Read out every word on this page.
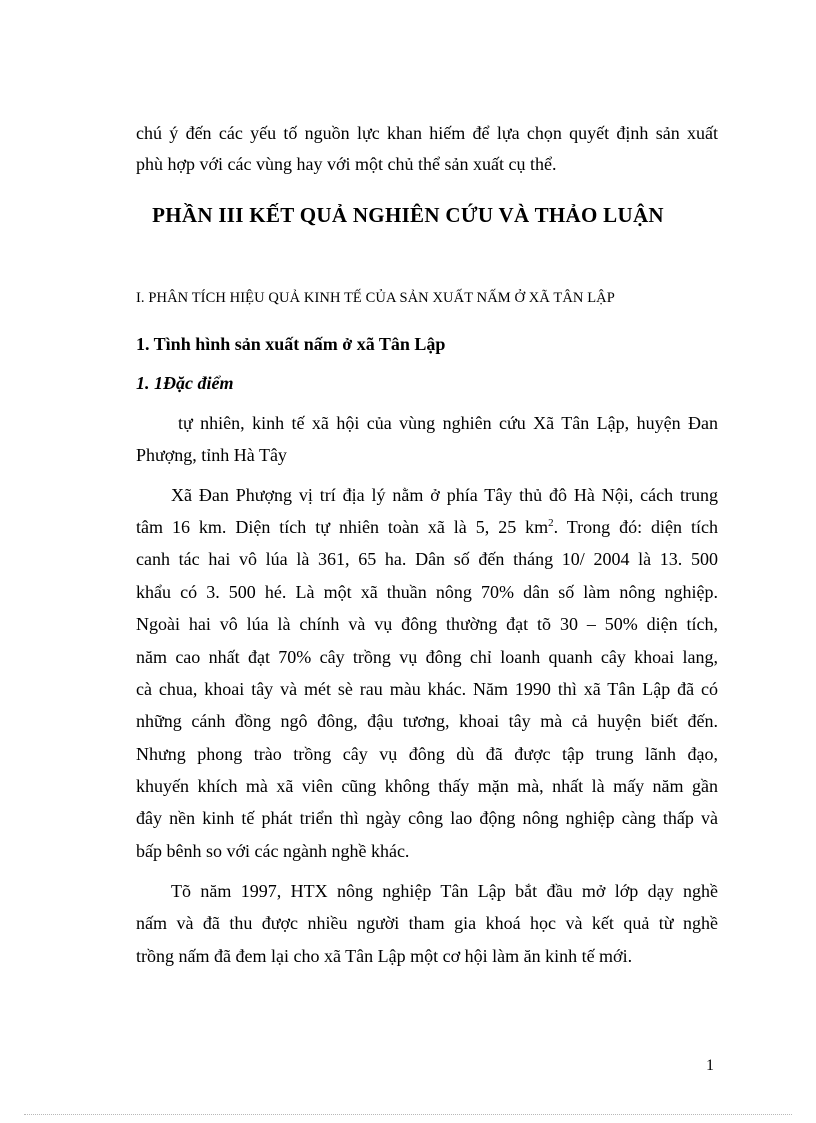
chú ý đến các yếu tố nguồn lực khan hiếm để lựa chọn quyết định sản xuất
phù hợp với các vùng hay với một chủ thể sản xuất cụ thể.
PHẦN III KẾT QUẢ NGHIÊN CỨU VÀ THẢO LUẬN
I. PHÂN TÍCH HIỆU QUẢ KINH TẾ CỦA SẢN XUẤT NẤM Ở XÃ TÂN LẬP
1. Tình hình sản xuất nấm ở xã Tân Lập
1. 1Đặc điểm
tự nhiên, kinh tế xã hội của vùng nghiên cứu Xã Tân Lập, huyện Đan
Phượng, tỉnh Hà Tây
Xã Đan Phượng vị trí địa lý nằm ở phía Tây thủ đô Hà Nội, cách trung
tâm 16 km. Diện tích tự nhiên toàn xã là 5, 25 $km^2$. Trong đó: diện tích
canh tác hai vô lúa là 361, 65 ha. Dân số đến tháng 10/ 2004 là 13. 500
khẩu có 3. 500 hé. Là một xã thuần nông 70% dân số làm nông nghiệp.
Ngoài hai vô lúa là chính và vụ đông thường đạt tõ 30 – 50% diện tích,
năm cao nhất đạt 70% cây trồng vụ đông chỉ loanh quanh cây khoai lang,
cà chua, khoai tây và mét sè rau màu khác. Năm 1990 thì xã Tân Lập đã có
những cánh đồng ngô đông, đậu tương, khoai tây mà cả huyện biết đến.
Nhưng phong trào trồng cây vụ đông dù đã được tập trung lãnh đạo,
khuyến khích mà xã viên cũng không thấy mặn mà, nhất là mấy năm gần
đây nền kinh tế phát triển thì ngày công lao động nông nghiệp càng thấp và
bấp bênh so với các ngành nghề khác.
Tõ năm 1997, HTX nông nghiệp Tân Lập bắt đầu mở lớp dạy nghề
nấm và đã thu được nhiều người tham gia khoá học và kết quả từ nghề
trồng nấm đã đem lại cho xã Tân Lập một cơ hội làm ăn kinh tế mới.
1
